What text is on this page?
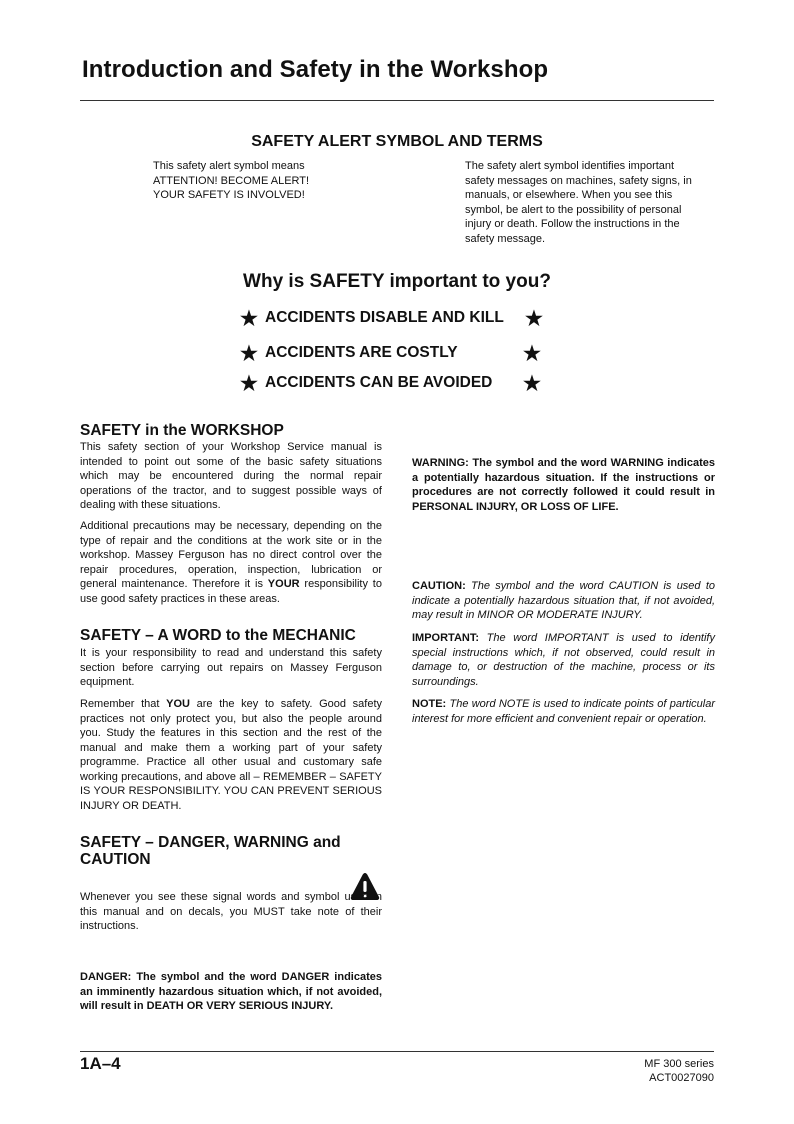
Introduction and Safety in the Workshop
SAFETY ALERT SYMBOL AND TERMS
This safety alert symbol means
ATTENTION! BECOME ALERT!
YOUR SAFETY IS INVOLVED!
The safety alert symbol identifies important safety messages on machines, safety signs, in manuals, or elsewhere. When you see this symbol, be alert to the possibility of personal injury or death. Follow the instructions in the safety message.
Why is SAFETY important to you?
★ ACCIDENTS DISABLE AND KILL ★
★ ACCIDENTS ARE COSTLY	★
★ ACCIDENTS CAN BE AVOIDED ★
SAFETY in the WORKSHOP
This safety section of your Workshop Service manual is intended to point out some of the basic safety situations which may be encountered during the normal repair operations of the tractor, and to suggest possible ways of dealing with these situations.
Additional precautions may be necessary, depending on the type of repair and the conditions at the work site or in the workshop. Massey Ferguson has no direct control over the repair procedures, operation, inspection, lubrication or general maintenance. Therefore it is YOUR responsibility to use good safety practices in these areas.
SAFETY – A WORD to the MECHANIC
It is your responsibility to read and understand this safety section before carrying out repairs on Massey Ferguson equipment.
Remember that YOU are the key to safety. Good safety practices not only protect you, but also the people around you. Study the features in this section and the rest of the manual and make them a working part of your safety programme. Practice all other usual and customary safe working precautions, and above all – REMEMBER – SAFETY IS YOUR RESPONSIBILITY. YOU CAN PREVENT SERIOUS INJURY OR DEATH.
SAFETY – DANGER, WARNING and
CAUTION
Whenever you see these signal words and symbol used in this manual and on decals, you MUST take note of their instructions.
DANGER: The symbol and the word DANGER indicates an imminently hazardous situation which, if not avoided, will result in DEATH OR VERY SERIOUS INJURY.
WARNING: The symbol and the word WARNING indicates a potentially hazardous situation. If the instructions or procedures are not correctly followed it could result in PERSONAL INJURY, OR LOSS OF LIFE.
CAUTION: The symbol and the word CAUTION is used to indicate a potentially hazardous situation that, if not avoided, may result in MINOR OR MODERATE INJURY.
IMPORTANT: The word IMPORTANT is used to identify special instructions which, if not observed, could result in damage to, or destruction of the machine, process or its surroundings.
NOTE: The word NOTE is used to indicate points of particular interest for more efficient and convenient repair or operation.
1A–4	MF 300 series
ACT0027090
